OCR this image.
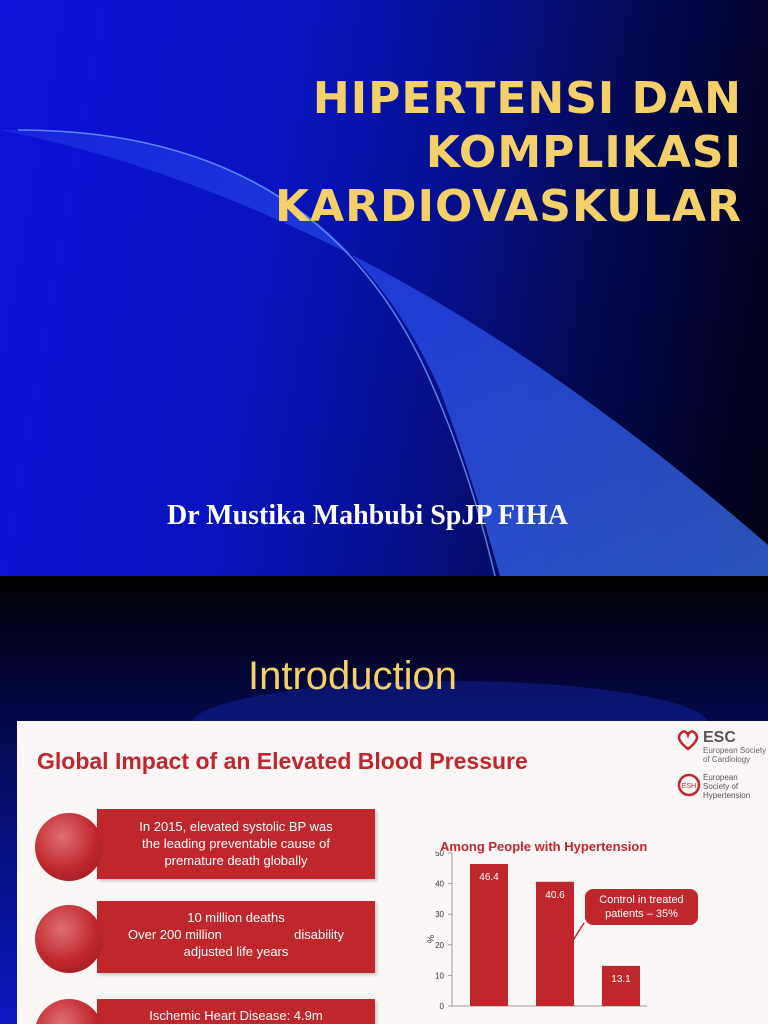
HIPERTENSI DAN
KOMPLIKASI
KARDIOVASKULAR
Dr Mustika Mahbubi SpJP FIHA
Introduction
Global Impact of an Elevated Blood Pressure
ESC
European Society
of Cardiology
ESH
European
Society of
Hypertension
In 2015, elevated systolic BP was
the leading preventable cause of
premature death globally
10 million deaths
Over 200 million                    disability
adjusted life years
Ischemic Heart Disease: 4.9m
Among People with Hypertension
0
10
20
30
40
50
%
46.4
40.6
13.1
Control in treated
patients – 35%
